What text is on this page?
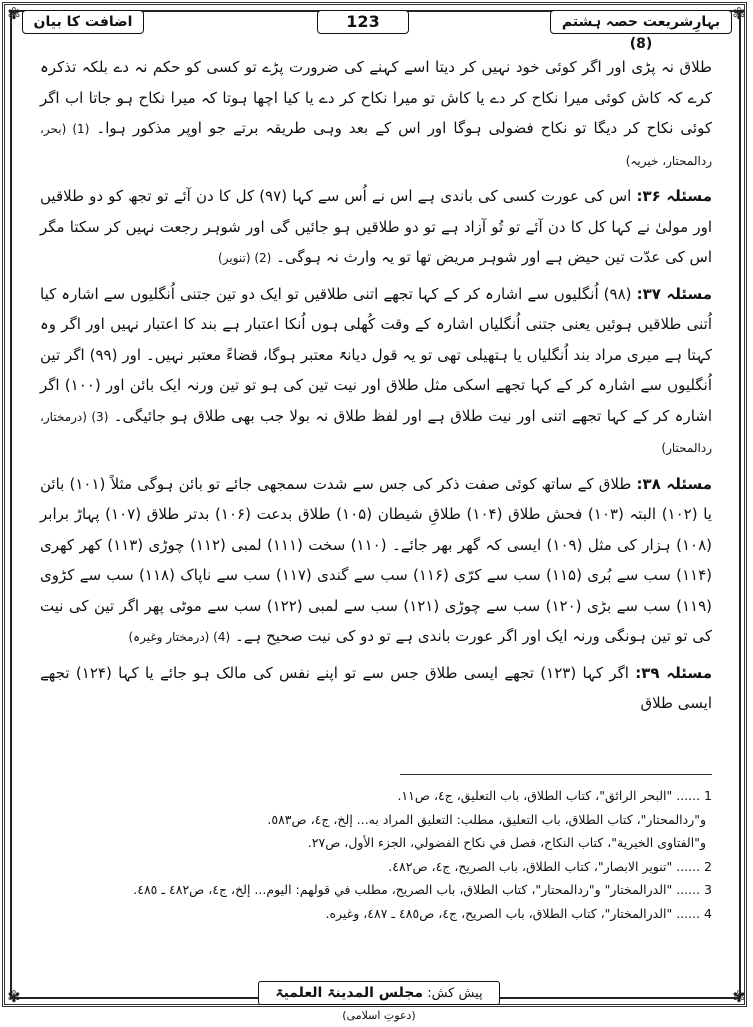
✾	✾
✾	✾
بہارِشریعت حصہ ہشتم (8)
123
اضافت کا بیان

طلاق نہ پڑی اور اگر کوئی خود نہیں کر دیتا اسے کہنے کی ضرورت پڑے تو کسی کو حکم نہ دے بلکہ تذکرہ کرے کہ کاش کوئی میرا نکاح کر دے یا کاش تو میرا نکاح کر دے یا کیا اچھا ہوتا کہ میرا نکاح ہو جاتا اب اگر کوئی نکاح کر دیگا تو نکاح فضولی ہوگا اور اس کے بعد وہی طریقہ برتے جو اوپر مذکور ہوا۔ (1) (بحر، ردالمحتار، خیریہ)

مسئلہ ۳۶: اس کی عورت کسی کی باندی ہے اس نے اُس سے کہا (۹۷) کل کا دن آئے تو تجھ کو دو طلاقیں اور مولیٰ نے کہا کل کا دن آئے تو تُو آزاد ہے تو دو طلاقیں ہو جائیں گی اور شوہر رجعت نہیں کر سکتا مگر اس کی عدّت تین حیض ہے اور شوہر مریض تھا تو یہ وارث نہ ہوگی۔ (2) (تنویر)

مسئلہ ۳۷: (۹۸) اُنگلیوں سے اشارہ کر کے کہا تجھے اتنی طلاقیں تو ایک دو تین جتنی اُنگلیوں سے اشارہ کیا اُتنی طلاقیں ہوئیں یعنی جتنی اُنگلیاں اشارہ کے وقت کُھلی ہوں اُنکا اعتبار ہے بند کا اعتبار نہیں اور اگر وہ کہتا ہے میری مراد بند اُنگلیاں یا ہتھیلی تھی تو یہ قول دیانۃً معتبر ہوگا، قضاءً معتبر نہیں۔ اور (۹۹) اگر تین اُنگلیوں سے اشارہ کر کے کہا تجھے اسکی مثل طلاق اور نیت تین کی ہو تو تین ورنہ ایک بائن اور (۱۰۰) اگر اشارہ کر کے کہا تجھے اتنی اور نیت طلاق ہے اور لفظ طلاق نہ بولا جب بھی طلاق ہو جائیگی۔ (3) (درمختار، ردالمحتار)

مسئلہ ۳۸: طلاق کے ساتھ کوئی صفت ذکر کی جس سے شدت سمجھی جائے تو بائن ہوگی مثلاً (۱۰۱) بائن یا (۱۰۲) البتہ (۱۰۳) فحش طلاق (۱۰۴) طلاقِ شیطان (۱۰۵) طلاق بدعت (۱۰۶) بدتر طلاق (۱۰۷) پہاڑ برابر (۱۰۸) ہزار کی مثل (۱۰۹) ایسی کہ گھر بھر جائے۔ (۱۱۰) سخت (۱۱۱) لمبی (۱۱۲) چوڑی (۱۱۳) کھر کھری (۱۱۴) سب سے بُری (۱۱۵) سب سے کرّی (۱۱۶) سب سے گندی (۱۱۷) سب سے ناپاک (۱۱۸) سب سے کڑوی (۱۱۹) سب سے بڑی (۱۲۰) سب سے چوڑی (۱۲۱) سب سے لمبی (۱۲۲) سب سے موٹی پھر اگر تین کی نیت کی تو تین ہونگی ورنہ ایک اور اگر عورت باندی ہے تو دو کی نیت صحیح ہے۔ (4) (درمختار وغیرہ)

مسئلہ ۳۹: اگر کہا (۱۲۳) تجھے ایسی طلاق جس سے تو اپنے نفس کی مالک ہو جائے یا کہا (۱۲۴) تجھے ایسی طلاق

1 ...... "البحر الرائق"، كتاب الطلاق، باب التعليق، ج٤، ص١١.
و"ردالمحتار"، كتاب الطلاق، باب التعليق، مطلب: التعليق المراد به... إلخ، ج٤، ص٥٨٣.
و"الفتاوى الخيرية"، كتاب النكاح، فصل في نكاح الفضولي، الجزء الأول، ص٢٧.
2 ...... "تنوير الابصار"، كتاب الطلاق، باب الصريح، ج٤، ص٤٨٢.
3 ...... "الدرالمختار" و"ردالمحتار"، كتاب الطلاق، باب الصريح، مطلب في قولهم: اليوم... إلخ، ج٤، ص٤٨٢ ـ ٤٨٥.
4 ...... "الدرالمختار"، كتاب الطلاق، باب الصريح، ج٤، ص٤٨٥ ـ ٤٨٧، وغيره.
پیش کش: مجلس المدینۃ العلمیۃ (دعوتِ اسلامی)
